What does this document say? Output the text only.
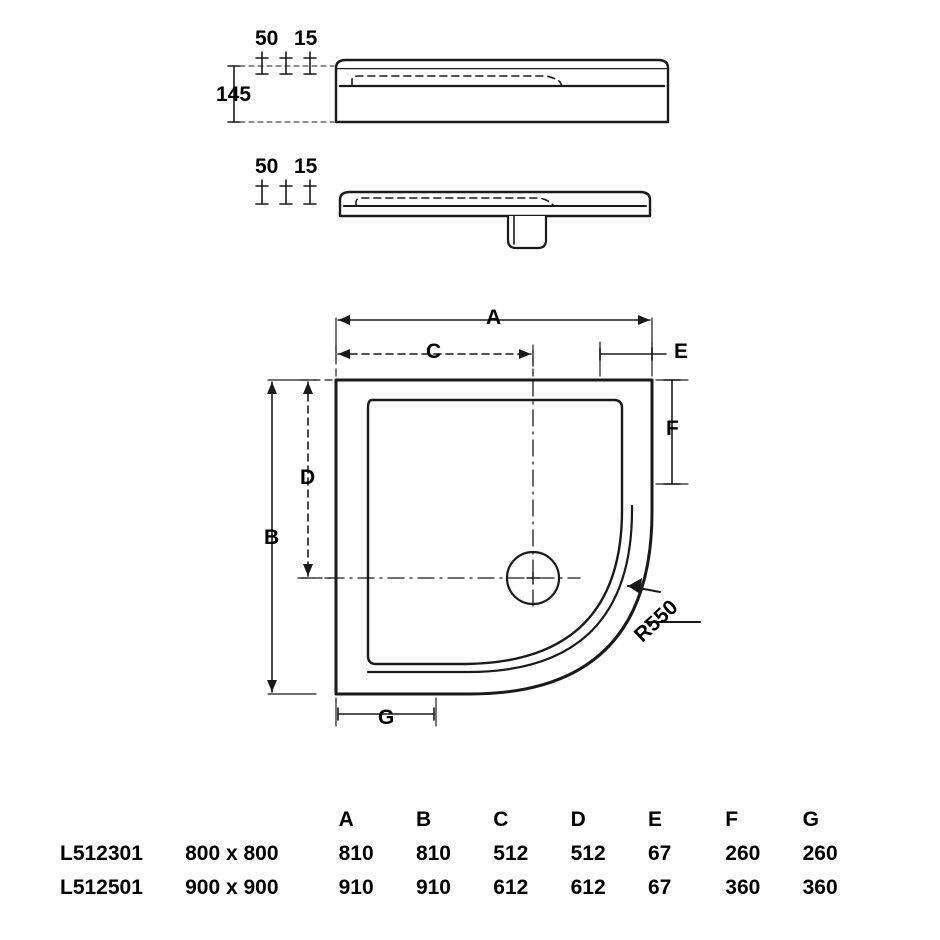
50 15
145
50 15
A
C	E
B
D
F
G
R550
		A	B	C	D	E	F	G
L512301	800 x 800	810	810	512	512	67	260	260
L512501	900 x 900	910	910	612	612	67	360	360
